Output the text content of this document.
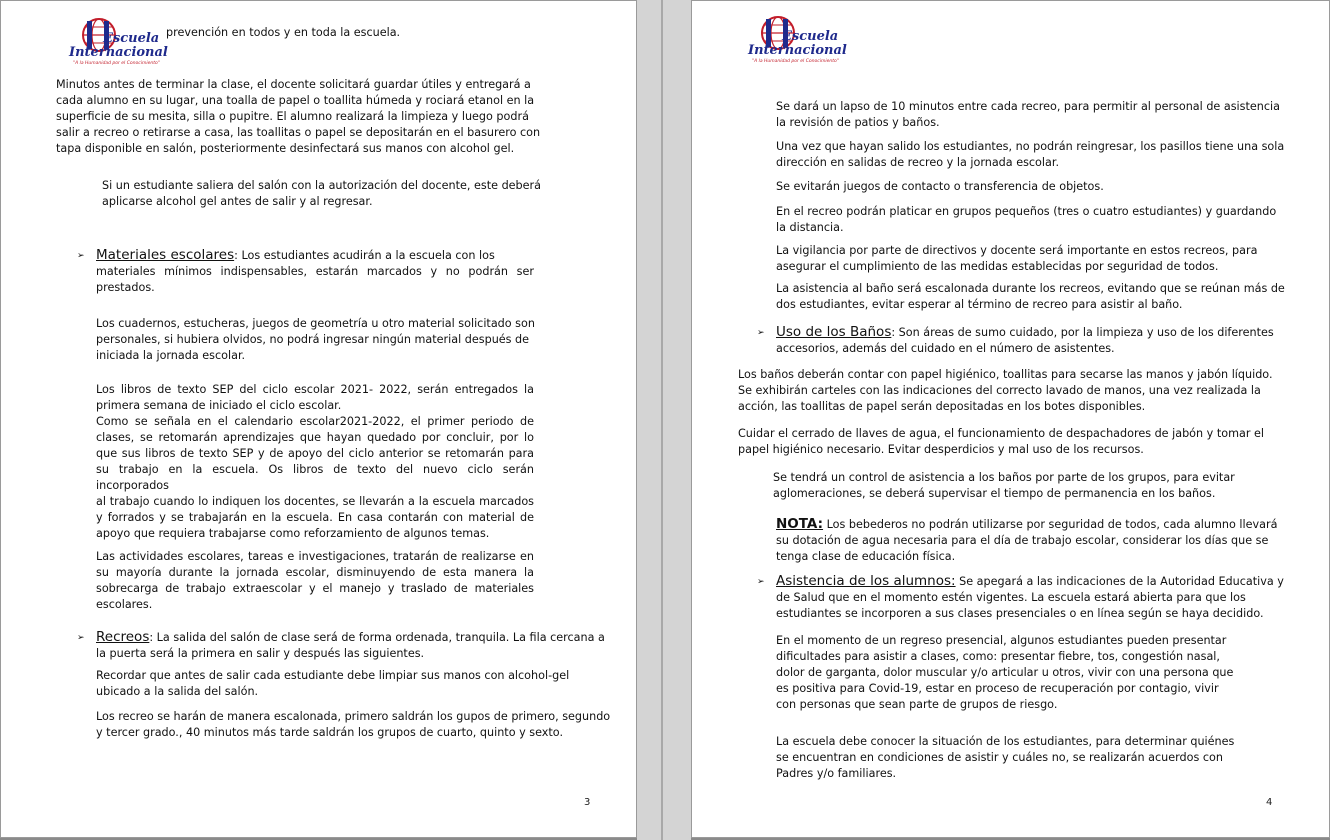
Escuela
Internacional
"A la Humanidad por el Conocimiento"
prevención en todos y en toda la escuela.
Minutos antes de terminar la clase, el docente solicitará guardar útiles y entregará a
cada alumno en su lugar, una toalla de papel o toallita húmeda y rociará etanol en la
superficie de su mesita, silla o pupitre. El alumno realizará la limpieza y luego podrá
salir a recreo o retirarse a casa, las toallitas o papel se depositarán en el basurero con
tapa disponible en salón, posteriormente desinfectará sus manos con alcohol gel.
Si un estudiante saliera del salón con la autorización del docente, este deberá
aplicarse alcohol gel antes de salir y al regresar.
➢ Materiales escolares: Los estudiantes acudirán a la escuela con los
materiales mínimos indispensables, estarán marcados y no podrán ser
prestados.
Los cuadernos, estucheras, juegos de geometría u otro material solicitado son
personales, si hubiera olvidos, no podrá ingresar ningún material después de
iniciada la jornada escolar.
Los libros de texto SEP del ciclo escolar 2021- 2022, serán entregados la
primera semana de iniciado el ciclo escolar.
Como se señala en el calendario escolar2021-2022, el primer periodo de
clases, se retomarán aprendizajes que hayan quedado por concluir, por lo
que sus libros de texto SEP y de apoyo del ciclo anterior se retomarán para
su trabajo en la escuela. Os libros de texto del nuevo ciclo serán incorporados
al trabajo cuando lo indiquen los docentes, se llevarán a la escuela marcados
y forrados y se trabajarán en la escuela. En casa contarán con material de
apoyo que requiera trabajarse como reforzamiento de algunos temas.
Las actividades escolares, tareas e investigaciones, tratarán de realizarse en
su mayoría durante la jornada escolar, disminuyendo de esta manera la
sobrecarga de trabajo extraescolar y el manejo y traslado de materiales
escolares.
➢ Recreos: La salida del salón de clase será de forma ordenada, tranquila. La fila cercana a
la puerta será la primera en salir y después las siguientes.
Recordar que antes de salir cada estudiante debe limpiar sus manos con alcohol-gel
ubicado a la salida del salón.
Los recreo se harán de manera escalonada, primero saldrán los gupos de primero, segundo
y tercer grado., 40 minutos más tarde saldrán los grupos de cuarto, quinto y sexto.
3
Escuela
Internacional
"A la Humanidad por el Conocimiento"
Se dará un lapso de 10 minutos entre cada recreo, para permitir al personal de asistencia
la revisión de patios y baños.
Una vez que hayan salido los estudiantes, no podrán reingresar, los pasillos tiene una sola
dirección en salidas de recreo y la jornada escolar.
Se evitarán juegos de contacto o transferencia de objetos.
En el recreo podrán platicar en grupos pequeños (tres o cuatro estudiantes) y guardando
la distancia.
La vigilancia por parte de directivos y docente será importante en estos recreos, para
asegurar el cumplimiento de las medidas establecidas por seguridad de todos.
La asistencia al baño será escalonada durante los recreos, evitando que se reúnan más de
dos estudiantes, evitar esperar al término de recreo para asistir al baño.
➢ Uso de los Baños: Son áreas de sumo cuidado, por la limpieza y uso de los diferentes
accesorios, además del cuidado en el número de asistentes.
Los baños deberán contar con papel higiénico, toallitas para secarse las manos y jabón líquido.
Se exhibirán carteles con las indicaciones del correcto lavado de manos, una vez realizada la
acción, las toallitas de papel serán depositadas en los botes disponibles.
Cuidar el cerrado de llaves de agua, el funcionamiento de despachadores de jabón y tomar el
papel higiénico necesario. Evitar desperdicios y mal uso de los recursos.
Se tendrá un control de asistencia a los baños por parte de los grupos, para evitar
aglomeraciones, se deberá supervisar el tiempo de permanencia en los baños.
NOTA: Los bebederos no podrán utilizarse por seguridad de todos, cada alumno llevará
su dotación de agua necesaria para el día de trabajo escolar, considerar los días que se
tenga clase de educación física.
➢ Asistencia de los alumnos: Se apegará a las indicaciones de la Autoridad Educativa y
de Salud que en el momento estén vigentes. La escuela estará abierta para que los
estudiantes se incorporen a sus clases presenciales o en línea según se haya decidido.
En el momento de un regreso presencial, algunos estudiantes pueden presentar
dificultades para asistir a clases, como: presentar fiebre, tos, congestión nasal,
dolor de garganta, dolor muscular y/o articular u otros, vivir con una persona que
es positiva para Covid-19, estar en proceso de recuperación por contagio, vivir
con personas que sean parte de grupos de riesgo.
La escuela debe conocer la situación de los estudiantes, para determinar quiénes
se encuentran en condiciones de asistir y cuáles no, se realizarán acuerdos con
Padres y/o familiares.
4
